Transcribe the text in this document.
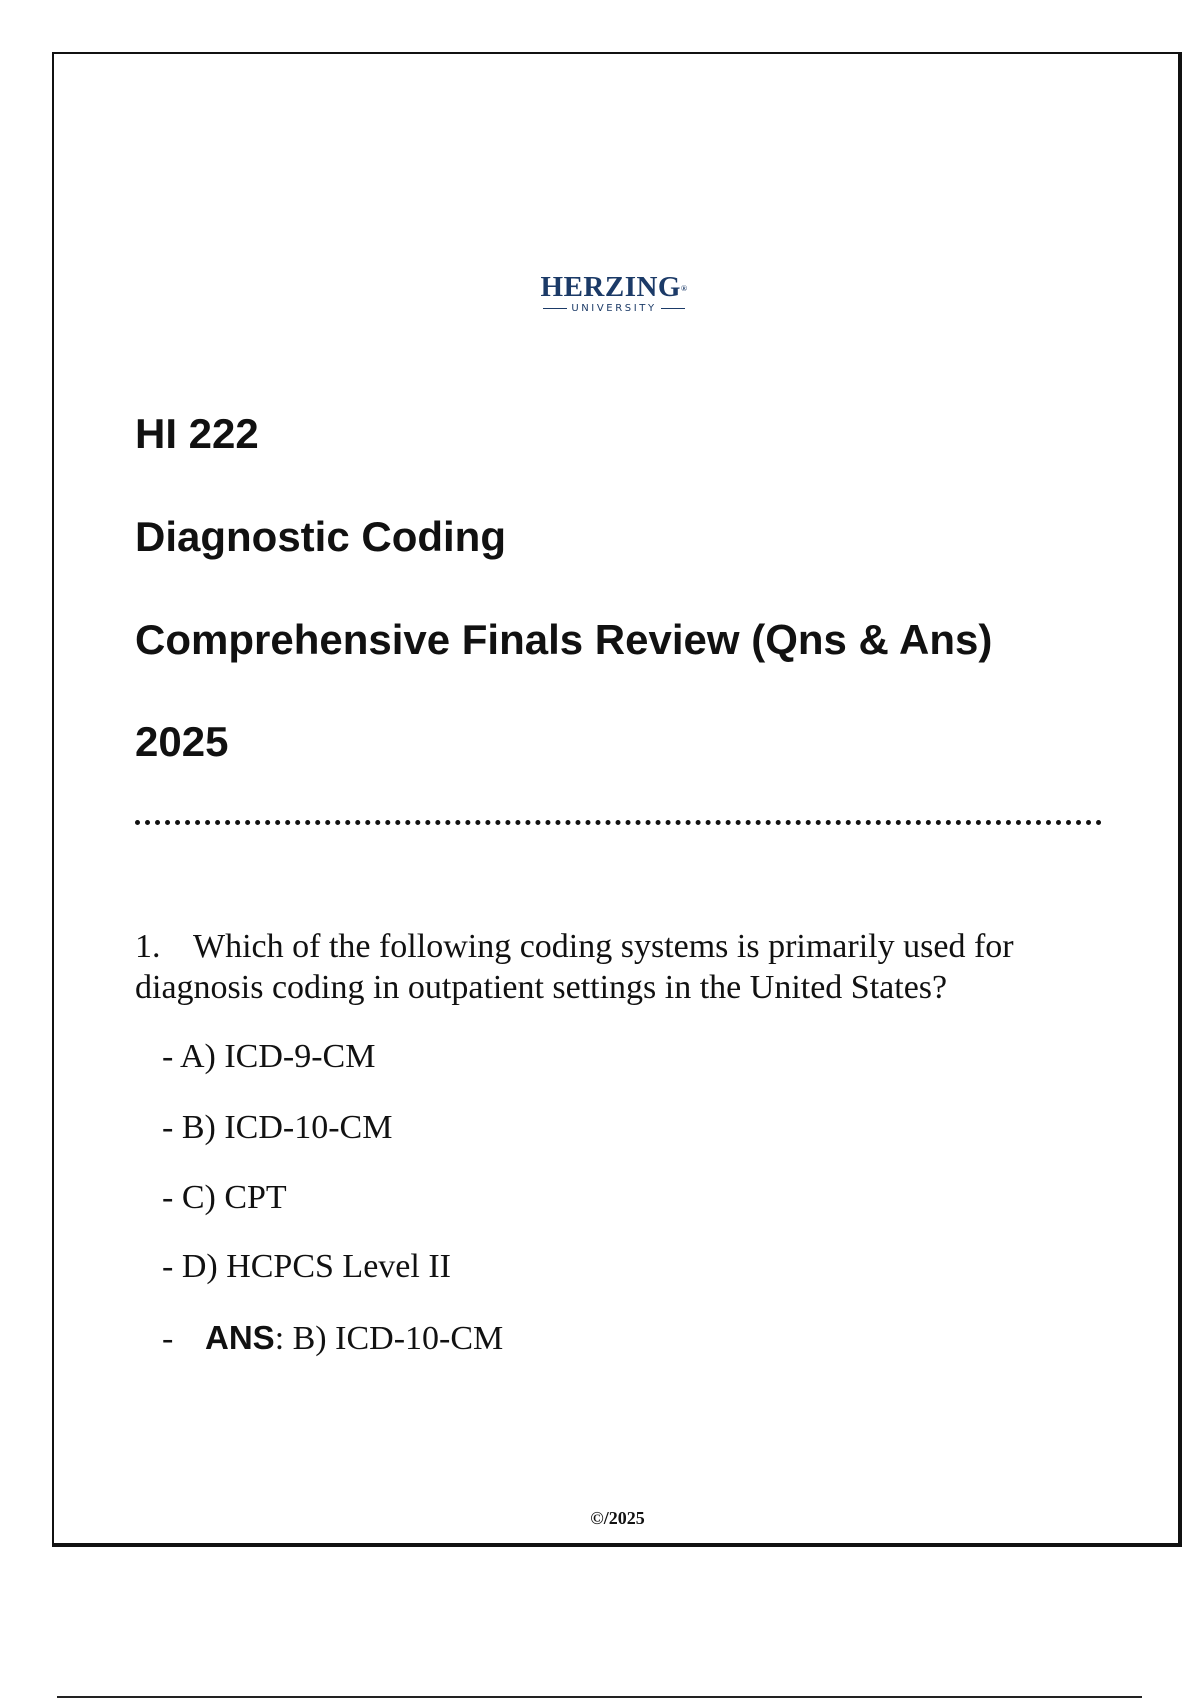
HERZING®
UNIVERSITY
HI 222
Diagnostic Coding
Comprehensive Finals Review (Qns & Ans)
2025
1. Which of the following coding systems is primarily used for diagnosis coding in outpatient settings in the United States?
- A) ICD-9-CM
- B) ICD-10-CM
- C) CPT
- D) HCPCS Level II
- ANS: B) ICD-10-CM
©/2025
